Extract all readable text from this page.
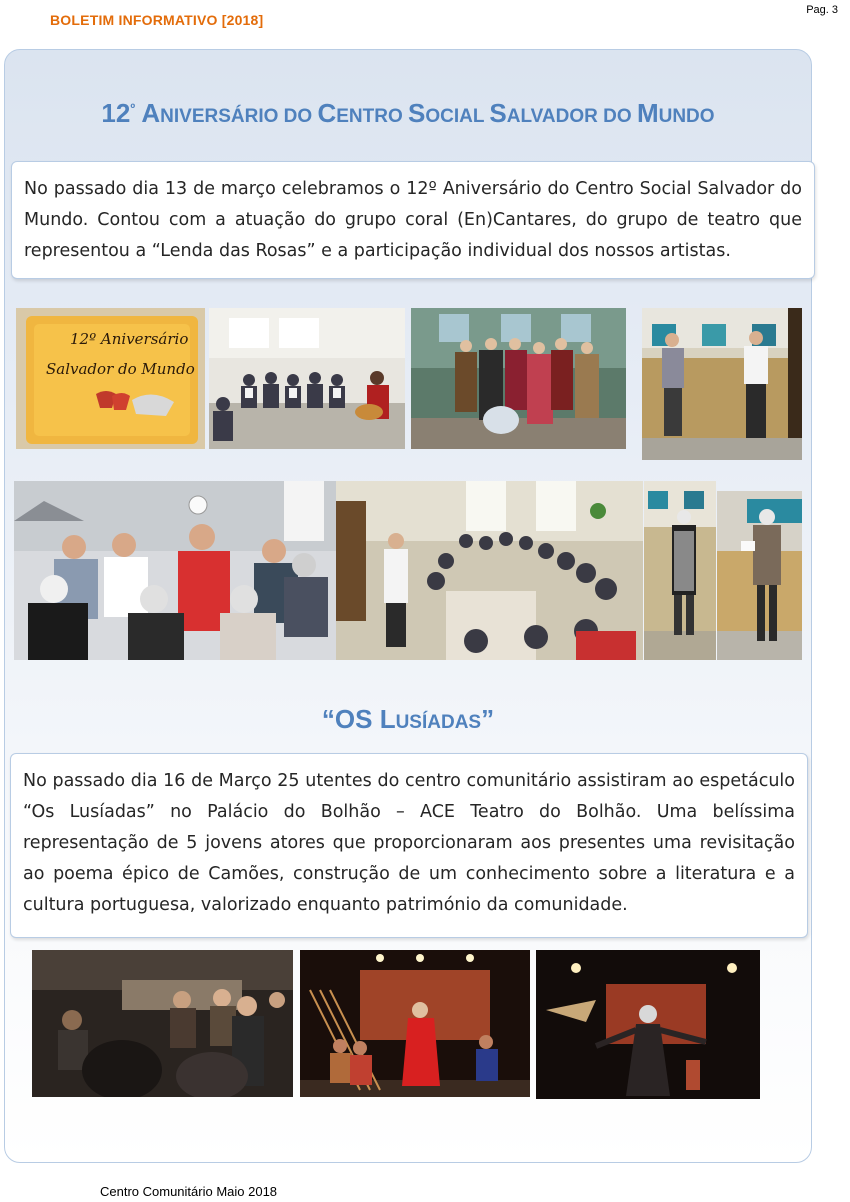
BOLETIM INFORMATIVO [2018]
Pag. 3
$12^º$ ANIVERSÁRIO DO CENTRO SOCIAL SALVADOR DO MUNDO
No passado dia 13 de março celebramos o 12º Aniversário do Centro Social Salvador do Mundo. Contou com a atuação do grupo coral (En)Cantares, do grupo de teatro que representou a “Lenda das Rosas” e a participação individual dos nossos artistas.
12º Aniversário
Salvador do Mundo
“OS LUSÍADAS”
No passado dia 16 de Março 25 utentes do centro comunitário assistiram ao espetáculo “Os Lusíadas” no Palácio do Bolhão – ACE Teatro do Bolhão. Uma belíssima representação de 5 jovens atores que proporcionaram aos presentes uma revisitação ao poema épico de Camões, construção de um conhecimento sobre a literatura e a cultura portuguesa, valorizado enquanto património da comunidade.
Centro Comunitário Maio 2018
